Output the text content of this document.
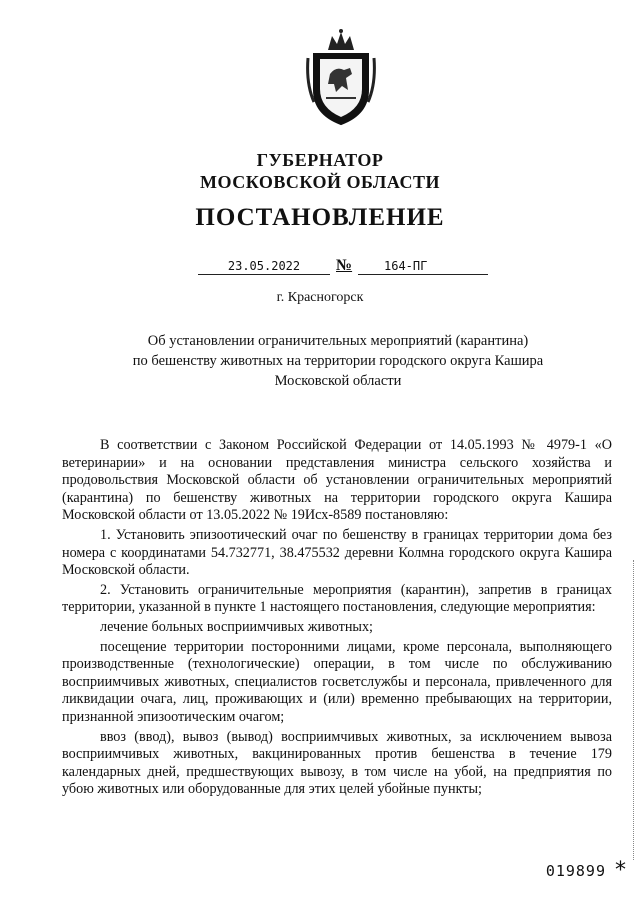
ГУБЕРНАТОР
МОСКОВСКОЙ ОБЛАСТИ
ПОСТАНОВЛЕНИЕ
23.05.2022	№	164-ПГ
г. Красногорск
Об установлении ограничительных мероприятий (карантина)
по бешенству животных на территории городского округа Кашира
Московской области

В соответствии с Законом Российской Федерации от 14.05.1993 № 4979-1 «О ветеринарии» и на основании представления министра сельского хозяйства и продовольствия Московской области об установлении ограничительных мероприятий (карантина) по бешенству животных на территории городского округа Кашира Московской области от 13.05.2022 № 19Исх-8589 постановляю:

1. Установить эпизоотический очаг по бешенству в границах территории дома без номера с координатами 54.732771, 38.475532 деревни Колмна городского округа Кашира Московской области.

2. Установить ограничительные мероприятия (карантин), запретив в границах территории, указанной в пункте 1 настоящего постановления, следующие мероприятия:

лечение больных восприимчивых животных;

посещение территории посторонними лицами, кроме персонала, выполняющего производственные (технологические) операции, в том числе по обслуживанию восприимчивых животных, специалистов госветслужбы и персонала, привлеченного для ликвидации очага, лиц, проживающих и (или) временно пребывающих на территории, признанной эпизоотическим очагом;

ввоз (ввод), вывоз (вывод) восприимчивых животных, за исключением вывоза восприимчивых животных, вакцинированных против бешенства в течение 179 календарных дней, предшествующих вывозу, в том числе на убой, на предприятия по убою животных или оборудованные для этих целей убойные пункты;

019899 *
